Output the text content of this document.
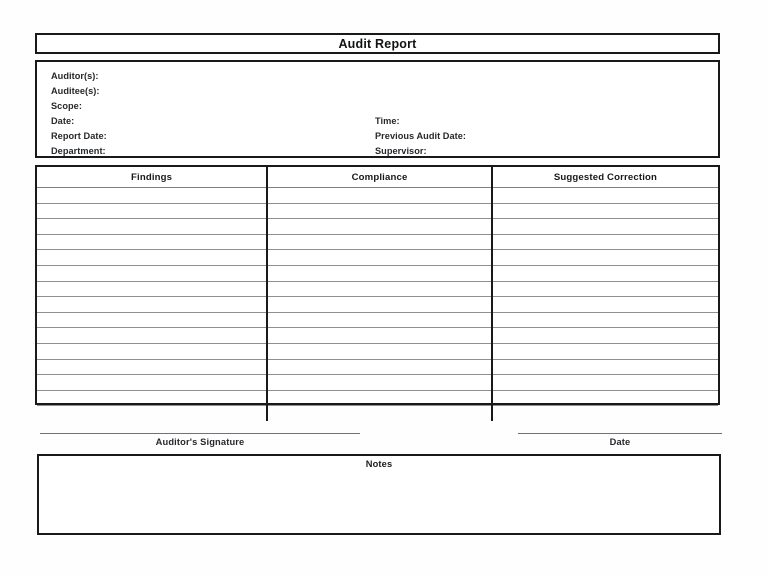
Audit Report
Auditor(s):
Auditee(s):
Scope:
Date:	Time:
Report Date:	Previous Audit Date:
Department:	Supervisor:
Findings	Compliance	Suggested Correction

Auditor's Signature	Date
Notes
